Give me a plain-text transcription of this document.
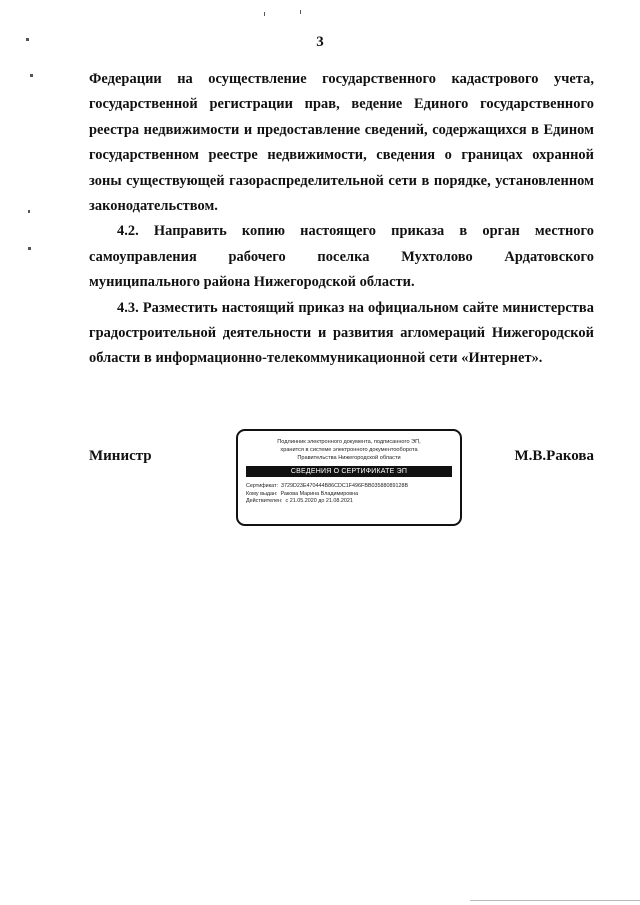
3

Федерации на осуществление государственного кадастрового учета, государственной регистрации прав, ведение Единого государственного реестра недвижимости и предоставление сведений, содержащихся в Едином государственном реестре недвижимости, сведения о границах охранной зоны существующей газораспределительной сети в порядке, установленном законодательством.

4.2. Направить копию настоящего приказа в орган местного самоуправления рабочего поселка Мухтолово Ардатовского муниципального района Нижегородской области.

4.3. Разместить настоящий приказ на официальном сайте министерства градостроительной деятельности и развития агломераций Нижегородской области в информационно-телекоммуникационной сети «Интернет».

Министр	М.В.Ракова
Подлинник электронного документа, подписанного ЭП,
хранится в системе электронного документооборота
Правительства Нижегородской области
СВЕДЕНИЯ О СЕРТИФИКАТЕ ЭП
Сертификат: 3729D23E470444B86CDC1F496FBB03588089128B
Кому выдан: Ракова Марина Владимировна
Действителен: с 21.05.2020 до 21.08.2021
